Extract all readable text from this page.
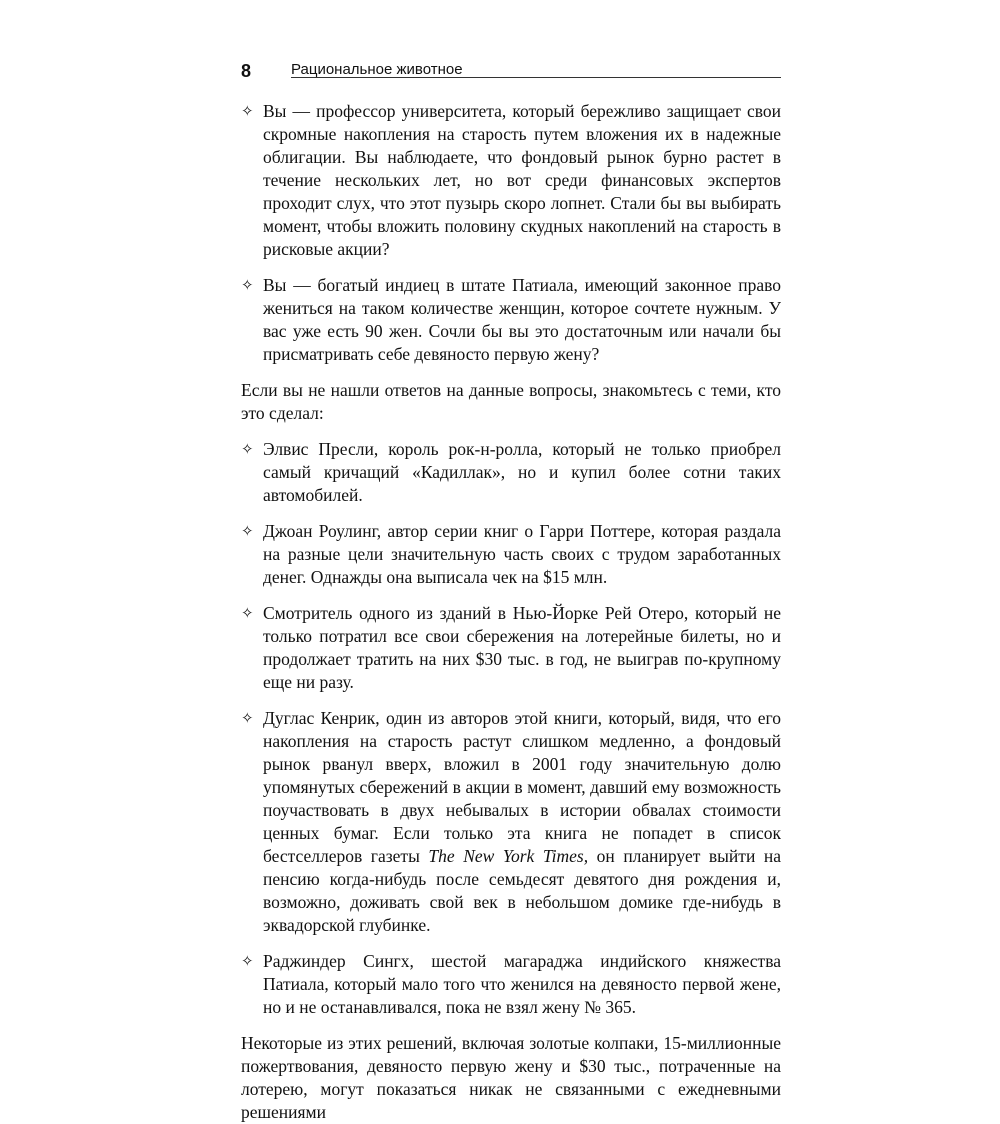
8	Рациональное животное
✧ Вы — профессор университета, который бережливо защищает свои скромные накопления на старость путем вложения их в надежные облигации. Вы наблюдаете, что фондовый рынок бурно растет в течение нескольких лет, но вот среди финансовых экспертов проходит слух, что этот пузырь скоро лопнет. Стали бы вы выбирать момент, чтобы вложить половину скудных накоплений на старость в рисковые акции?
✧ Вы — богатый индиец в штате Патиала, имеющий законное право жениться на таком количестве женщин, которое сочтете нужным. У вас уже есть 90 жен. Сочли бы вы это достаточным или начали бы присматривать себе девяносто первую жену?

Если вы не нашли ответов на данные вопросы, знакомьтесь с теми, кто это сделал:

✧ Элвис Пресли, король рок-н-ролла, который не только приобрел самый кричащий «Кадиллак», но и купил более сотни таких автомобилей.
✧ Джоан Роулинг, автор серии книг о Гарри Поттере, которая раздала на разные цели значительную часть своих с трудом заработанных денег. Однажды она выписала чек на $15 млн.
✧ Смотритель одного из зданий в Нью-Йорке Рей Отеро, который не только потратил все свои сбережения на лотерейные билеты, но и продолжает тратить на них $30 тыс. в год, не выиграв по-крупному еще ни разу.
✧ Дуглас Кенрик, один из авторов этой книги, который, видя, что его накопления на старость растут слишком медленно, а фондовый рынок рванул вверх, вложил в 2001 году значительную долю упомянутых сбережений в акции в момент, давший ему возможность поучаствовать в двух небывалых в истории обвалах стоимости ценных бумаг. Если только эта книга не попадет в список бестселлеров газеты The New York Times, он планирует выйти на пенсию когда-нибудь после семьдесят девятого дня рождения и, возможно, доживать свой век в небольшом домике где-нибудь в эквадорской глубинке.
✧ Раджиндер Сингх, шестой магараджа индийского княжества Патиала, который мало того что женился на девяносто первой жене, но и не останавливался, пока не взял жену № 365.

Некоторые из этих решений, включая золотые колпаки, 15-миллионные пожертвования, девяносто первую жену и $30 тыс., потраченные на лотерею, могут показаться никак не связанными с ежедневными решениями
